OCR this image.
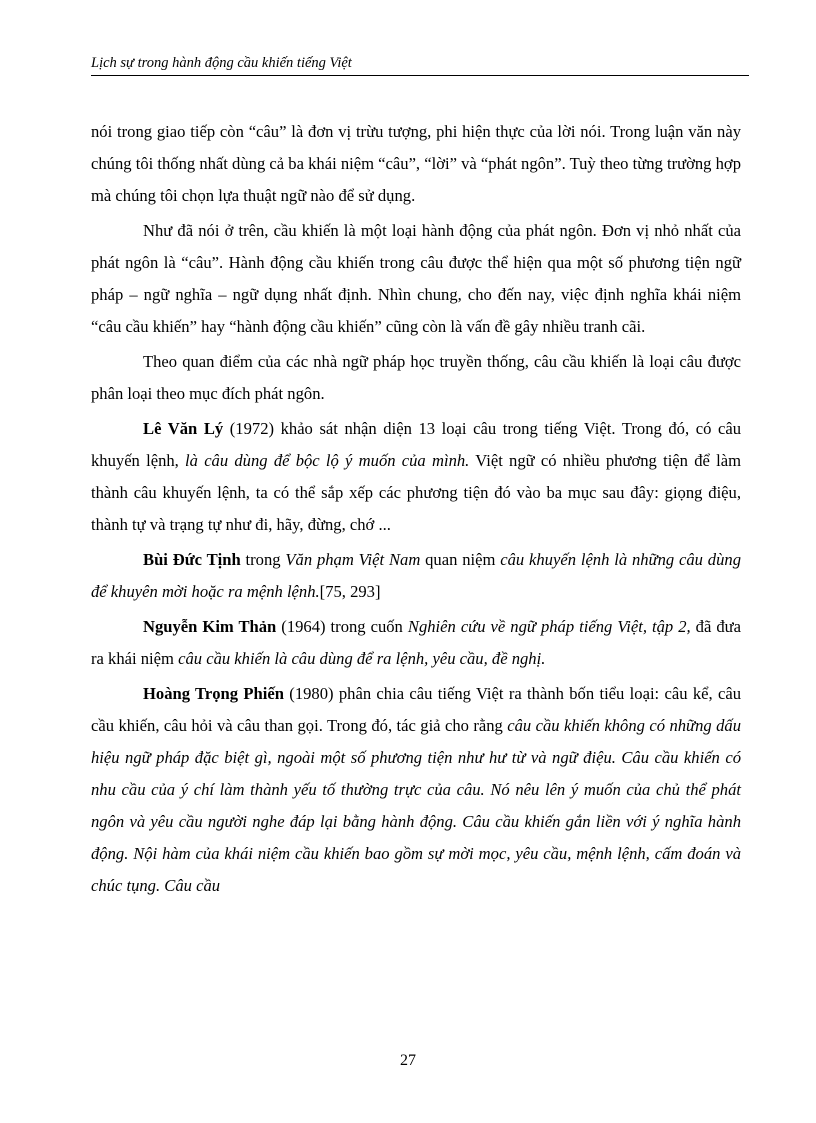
Lịch sự trong hành động cầu khiến tiếng Việt

nói trong giao tiếp còn “câu” là đơn vị trừu tượng, phi hiện thực của lời nói. Trong luận văn này chúng tôi thống nhất dùng cả ba khái niệm “câu”, “lời” và “phát ngôn”. Tuỳ theo từng trường hợp mà chúng tôi chọn lựa thuật ngữ nào để sử dụng.

Như đã nói ở trên, cầu khiến là một loại hành động của phát ngôn. Đơn vị nhỏ nhất của phát ngôn là “câu”. Hành động cầu khiến trong câu được thể hiện qua một số phương tiện ngữ pháp – ngữ nghĩa – ngữ dụng nhất định. Nhìn chung, cho đến nay, việc định nghĩa khái niệm “câu cầu khiến” hay “hành động cầu khiến” cũng còn là vấn đề gây nhiều tranh cãi.

Theo quan điểm của các nhà ngữ pháp học truyền thống, câu cầu khiến là loại câu được phân loại theo mục đích phát ngôn.

Lê Văn Lý (1972) khảo sát nhận diện 13 loại câu trong tiếng Việt. Trong đó, có câu khuyến lệnh, là câu dùng để bộc lộ ý muốn của mình. Việt ngữ có nhiều phương tiện để làm thành câu khuyến lệnh, ta có thể sắp xếp các phương tiện đó vào ba mục sau đây: giọng điệu, thành tự và trạng tự như đi, hãy, đừng, chớ ...

Bùi Đức Tịnh trong Văn phạm Việt Nam quan niệm câu khuyến lệnh là những câu dùng để khuyên mời hoặc ra mệnh lệnh.[75, 293]

Nguyễn Kim Thản (1964) trong cuốn Nghiên cứu về ngữ pháp tiếng Việt, tập 2, đã đưa ra khái niệm câu cầu khiến là câu dùng để ra lệnh, yêu cầu, đề nghị.

Hoàng Trọng Phiến (1980) phân chia câu tiếng Việt ra thành bốn tiểu loại: câu kể, câu cầu khiến, câu hỏi và câu than gọi. Trong đó, tác giả cho rằng câu cầu khiến không có những dấu hiệu ngữ pháp đặc biệt gì, ngoài một số phương tiện như hư từ và ngữ điệu. Câu cầu khiến có nhu cầu của ý chí làm thành yếu tố thường trực của câu. Nó nêu lên ý muốn của chủ thể phát ngôn và yêu cầu người nghe đáp lại bằng hành động. Câu cầu khiến gắn liền với ý nghĩa hành động. Nội hàm của khái niệm cầu khiến bao gồm sự mời mọc, yêu cầu, mệnh lệnh, cấm đoán và chúc tụng. Câu cầu

27
